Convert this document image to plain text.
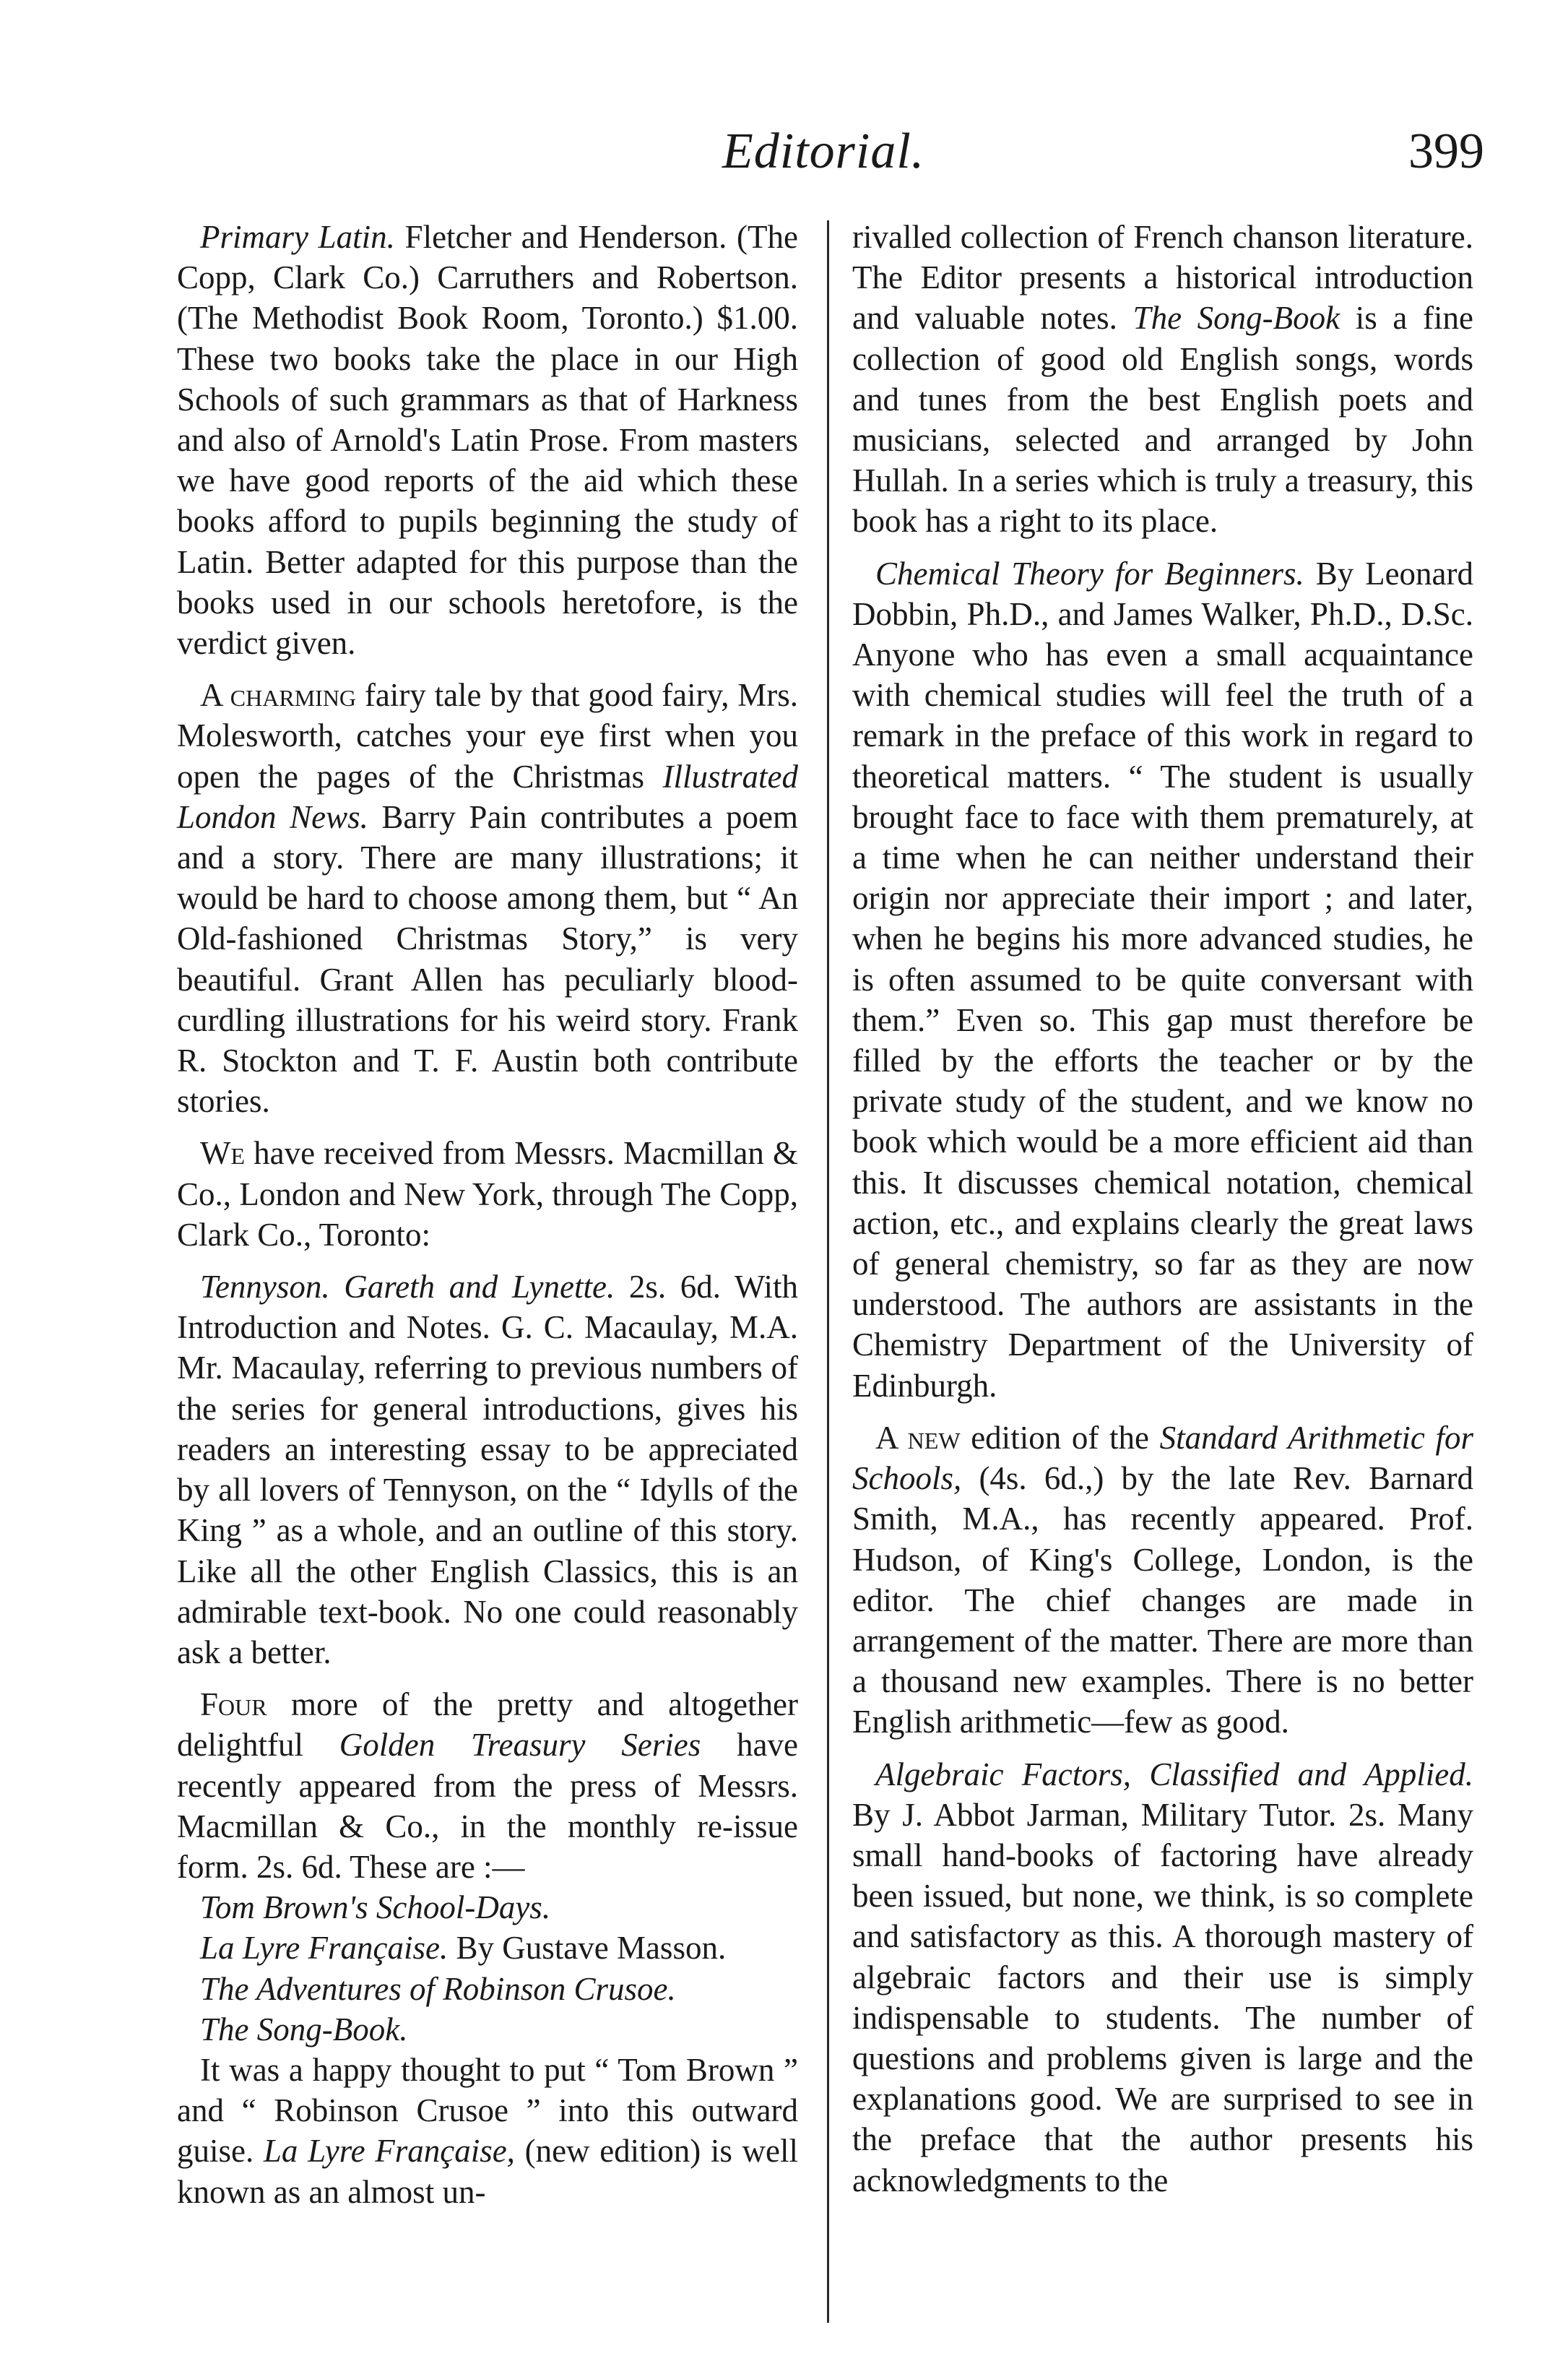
Editorial.	399

Primary Latin. Fletcher and Henderson. (The Copp, Clark Co.) Carruthers and Robertson. (The Methodist Book Room, Toronto.) $1.00. These two books take the place in our High Schools of such grammars as that of Harkness and also of Arnold's Latin Prose. From masters we have good reports of the aid which these books afford to pupils beginning the study of Latin. Better adapted for this purpose than the books used in our schools heretofore, is the verdict given.

A charming fairy tale by that good fairy, Mrs. Molesworth, catches your eye first when you open the pages of the Christmas Illustrated London News. Barry Pain contributes a poem and a story. There are many illustrations; it would be hard to choose among them, but “ An Old-fashioned Christmas Story,” is very beautiful. Grant Allen has peculiarly blood-curdling illustrations for his weird story. Frank R. Stockton and T. F. Austin both contribute stories.

We have received from Messrs. Macmillan & Co., London and New York, through The Copp, Clark Co., Toronto:

Tennyson. Gareth and Lynette. 2s. 6d. With Introduction and Notes. G. C. Macaulay, M.A. Mr. Macaulay, referring to previous numbers of the series for general introductions, gives his readers an interesting essay to be appreciated by all lovers of Tennyson, on the “ Idylls of the King ” as a whole, and an outline of this story. Like all the other English Classics, this is an admirable text-book. No one could reasonably ask a better.

Four more of the pretty and altogether delightful Golden Treasury Series have recently appeared from the press of Messrs. Macmillan & Co., in the monthly re-issue form. 2s. 6d. These are :—

Tom Brown's School-Days.

La Lyre Française. By Gustave Masson.

The Adventures of Robinson Crusoe.

The Song-Book.

It was a happy thought to put “ Tom Brown ” and “ Robinson Crusoe ” into this outward guise. La Lyre Française, (new edition) is well known as an almost un-

rivalled collection of French chanson literature. The Editor presents a historical introduction and valuable notes. The Song-Book is a fine collection of good old English songs, words and tunes from the best English poets and musicians, selected and arranged by John Hullah. In a series which is truly a treasury, this book has a right to its place.

Chemical Theory for Beginners. By Leonard Dobbin, Ph.D., and James Walker, Ph.D., D.Sc. Anyone who has even a small acquaintance with chemical studies will feel the truth of a remark in the preface of this work in regard to theoretical matters. “ The student is usually brought face to face with them prematurely, at a time when he can neither understand their origin nor appreciate their import ; and later, when he begins his more advanced studies, he is often assumed to be quite conversant with them.” Even so. This gap must therefore be filled by the efforts the teacher or by the private study of the student, and we know no book which would be a more efficient aid than this. It discusses chemical notation, chemical action, etc., and explains clearly the great laws of general chemistry, so far as they are now understood. The authors are assistants in the Chemistry Department of the University of Edinburgh.

A new edition of the Standard Arithmetic for Schools, (4s. 6d.,) by the late Rev. Barnard Smith, M.A., has recently appeared. Prof. Hudson, of King's College, London, is the editor. The chief changes are made in arrangement of the matter. There are more than a thousand new examples. There is no better English arithmetic—few as good.

Algebraic Factors, Classified and Applied. By J. Abbot Jarman, Military Tutor. 2s. Many small hand-books of factoring have already been issued, but none, we think, is so complete and satisfactory as this. A thorough mastery of algebraic factors and their use is simply indispensable to students. The number of questions and problems given is large and the explanations good. We are surprised to see in the preface that the author presents his acknowledgments to the
